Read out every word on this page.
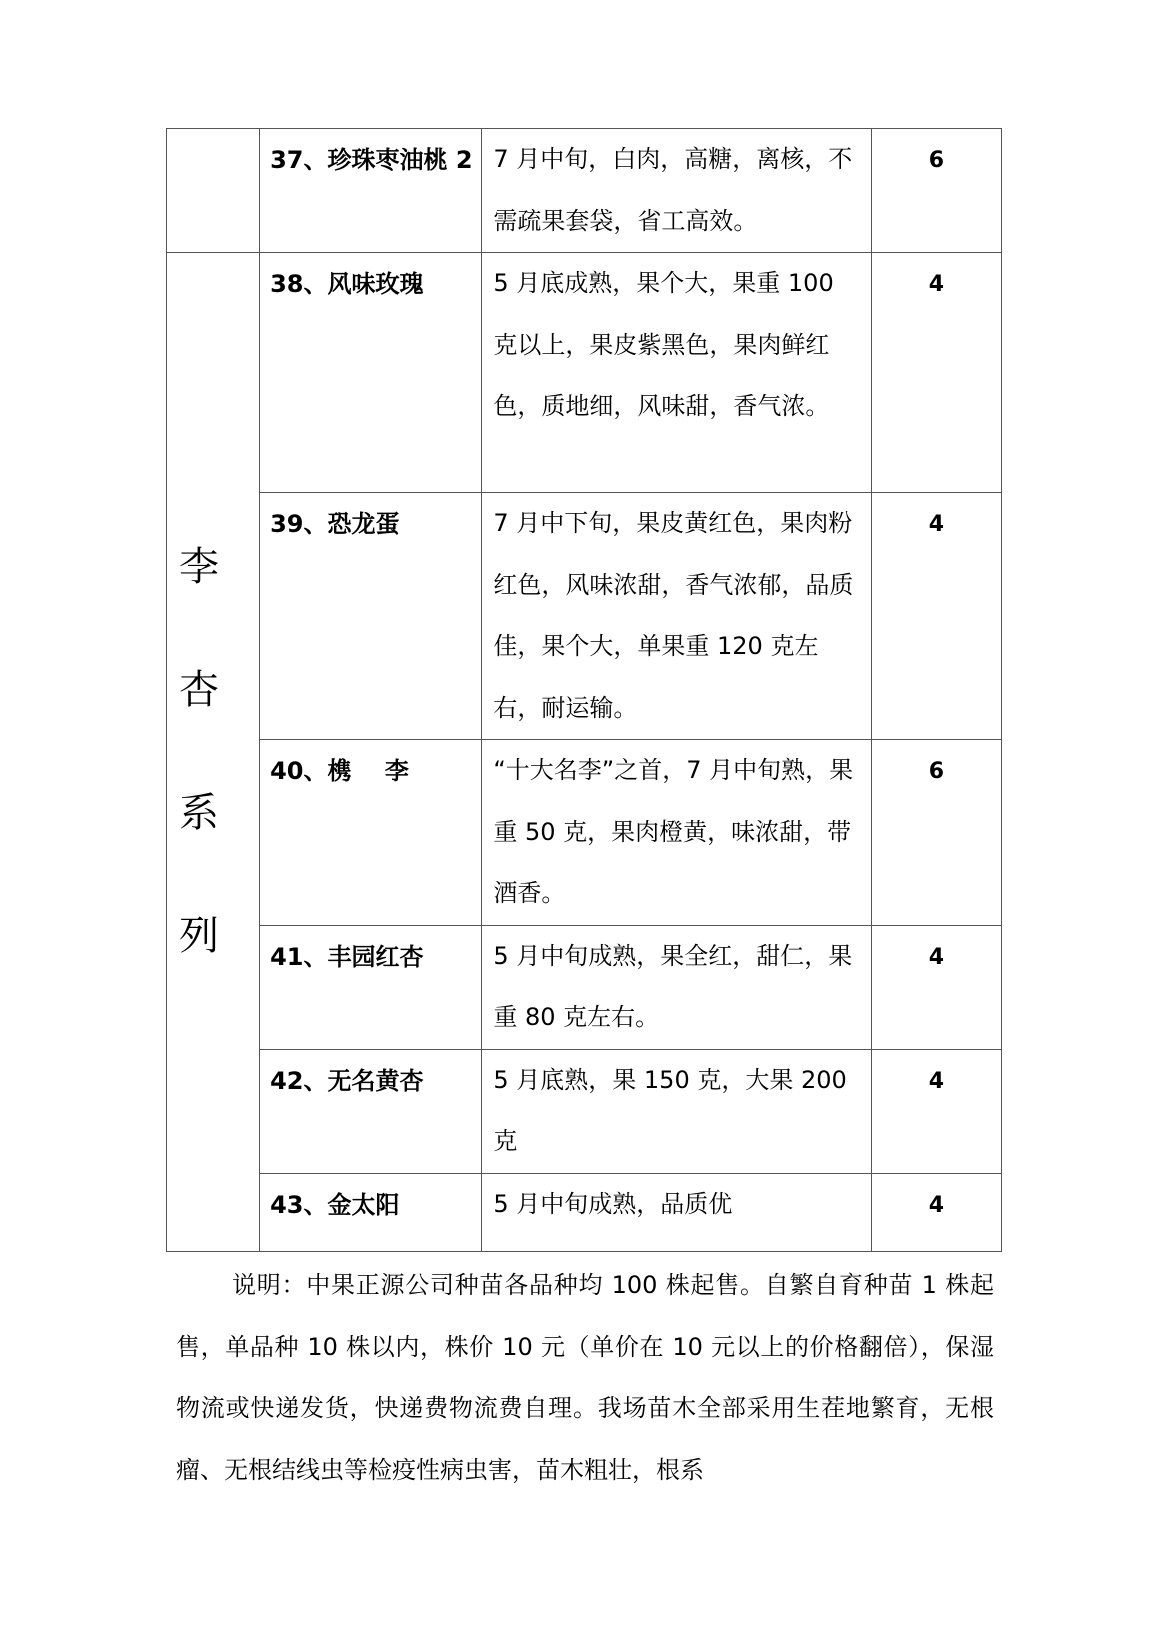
	37、珍珠枣油桃 2	7 月中旬，白肉，高糖，离核，不需疏果套袋，省工高效。	6

李杏系列	38、风味玫瑰	5 月底成熟，果个大，果重 100 克以上，果皮紫黑色，果肉鲜红色，质地细，风味甜，香气浓。	4
	39、恐龙蛋	7 月中下旬，果皮黄红色，果肉粉红色，风味浓甜，香气浓郁，品质佳，果个大，单果重 120 克左右，耐运输。	4
	40、槜    李	“十大名李”之首，7 月中旬熟，果重 50 克，果肉橙黄，味浓甜，带酒香。	6
	41、丰园红杏	5 月中旬成熟，果全红，甜仁，果重 80 克左右。	4
	42、无名黄杏	5 月底熟，果 150 克，大果 200 克	4
	43、金太阳	5 月中旬成熟，品质优	4

说明：中果正源公司种苗各品种均 100 株起售。自繁自育种苗 1 株起售，单品种 10 株以内，株价 10 元（单价在 10 元以上的价格翻倍），保湿物流或快递发货，快递费物流费自理。我场苗木全部采用生茬地繁育，无根瘤、无根结线虫等检疫性病虫害，苗木粗壮，根系
